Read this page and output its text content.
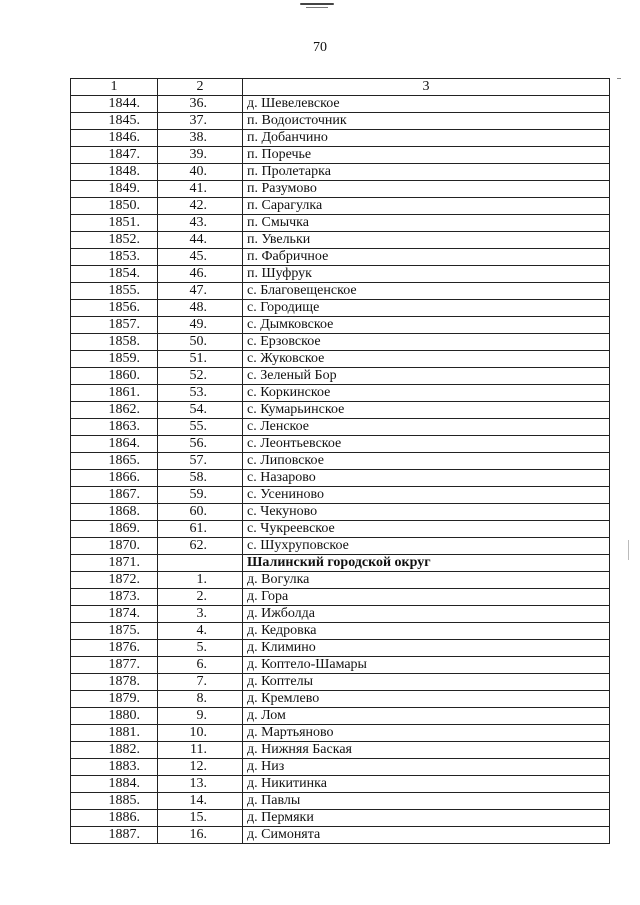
70
1	2	3
1844.	36.	д. Шевелевское
1845.	37.	п. Водоисточник
1846.	38.	п. Добанчино
1847.	39.	п. Поречье
1848.	40.	п. Пролетарка
1849.	41.	п. Разумово
1850.	42.	п. Сарагулка
1851.	43.	п. Смычка
1852.	44.	п. Увельки
1853.	45.	п. Фабричное
1854.	46.	п. Шуфрук
1855.	47.	с. Благовещенское
1856.	48.	с. Городище
1857.	49.	с. Дымковское
1858.	50.	с. Ерзовское
1859.	51.	с. Жуковское
1860.	52.	с. Зеленый Бор
1861.	53.	с. Коркинское
1862.	54.	с. Кумарьинское
1863.	55.	с. Ленское
1864.	56.	с. Леонтьевское
1865.	57.	с. Липовское
1866.	58.	с. Назарово
1867.	59.	с. Усениново
1868.	60.	с. Чекуново
1869.	61.	с. Чукреевское
1870.	62.	с. Шухруповское
1871.		Шалинский городской округ
1872.	1.	д. Вогулка
1873.	2.	д. Гора
1874.	3.	д. Ижболда
1875.	4.	д. Кедровка
1876.	5.	д. Климино
1877.	6.	д. Коптело-Шамары
1878.	7.	д. Коптелы
1879.	8.	д. Кремлево
1880.	9.	д. Лом
1881.	10.	д. Мартьяново
1882.	11.	д. Нижняя Баская
1883.	12.	д. Низ
1884.	13.	д. Никитинка
1885.	14.	д. Павлы
1886.	15.	д. Пермяки
1887.	16.	д. Симонята
